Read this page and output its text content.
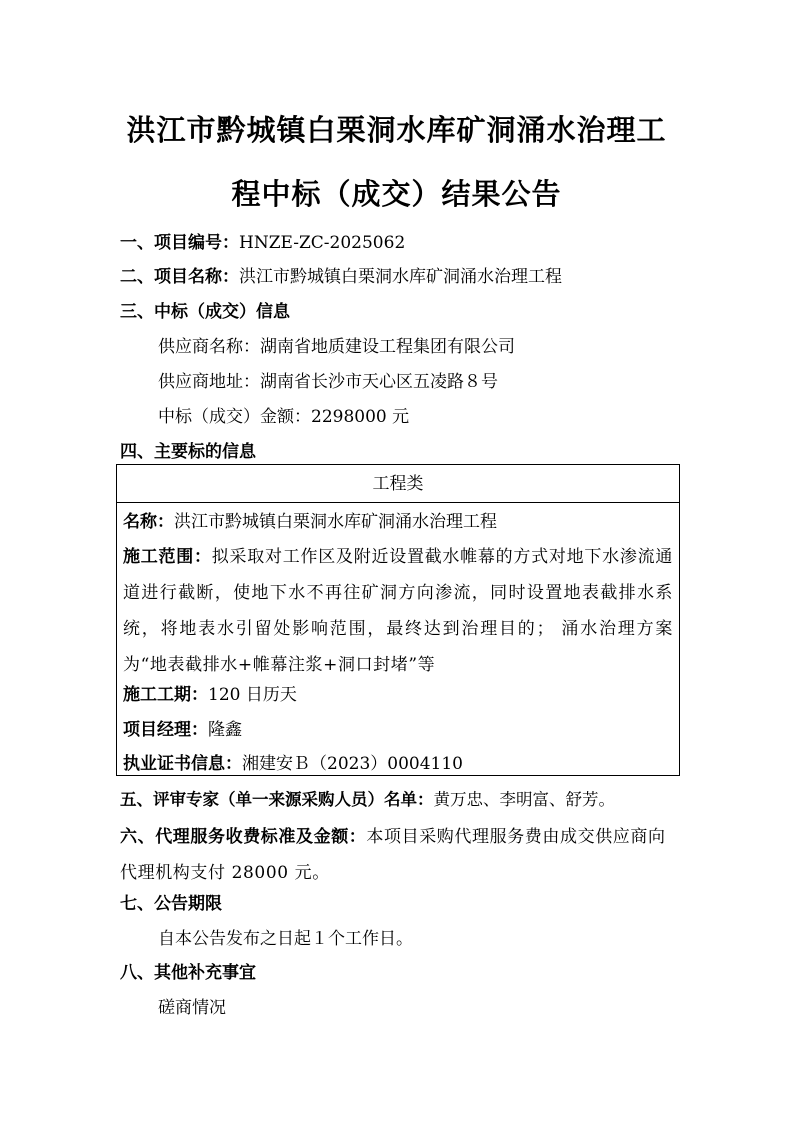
洪江市黔城镇白栗洞水库矿洞涌水治理工
程中标（成交）结果公告
一、项目编号：HNZE-ZC-2025062
二、项目名称：洪江市黔城镇白栗洞水库矿洞涌水治理工程
三、中标（成交）信息
供应商名称：湖南省地质建设工程集团有限公司
供应商地址：湖南省长沙市天心区五凌路８号
中标（成交）金额：2298000 元
四、主要标的信息
工程类
名称：洪江市黔城镇白栗洞水库矿洞涌水治理工程
施工范围：拟采取对工作区及附近设置截水帷幕的方式对地下水渗流通道进行截断，使地下水不再往矿洞方向渗流，同时设置地表截排水系统，将地表水引留处影响范围，最终达到治理目的； 涌水治理方案为“地表截排水+帷幕注浆+洞口封堵”等
施工工期：120 日历天
项目经理：隆鑫
执业证书信息：湘建安Ｂ（2023）0004110
五、评审专家（单一来源采购人员）名单：黄万忠、李明富、舒芳。
六、代理服务收费标准及金额：本项目采购代理服务费由成交供应商向代理机构支付 28000 元。
七、公告期限
自本公告发布之日起１个工作日。
八、其他补充事宜
磋商情况
